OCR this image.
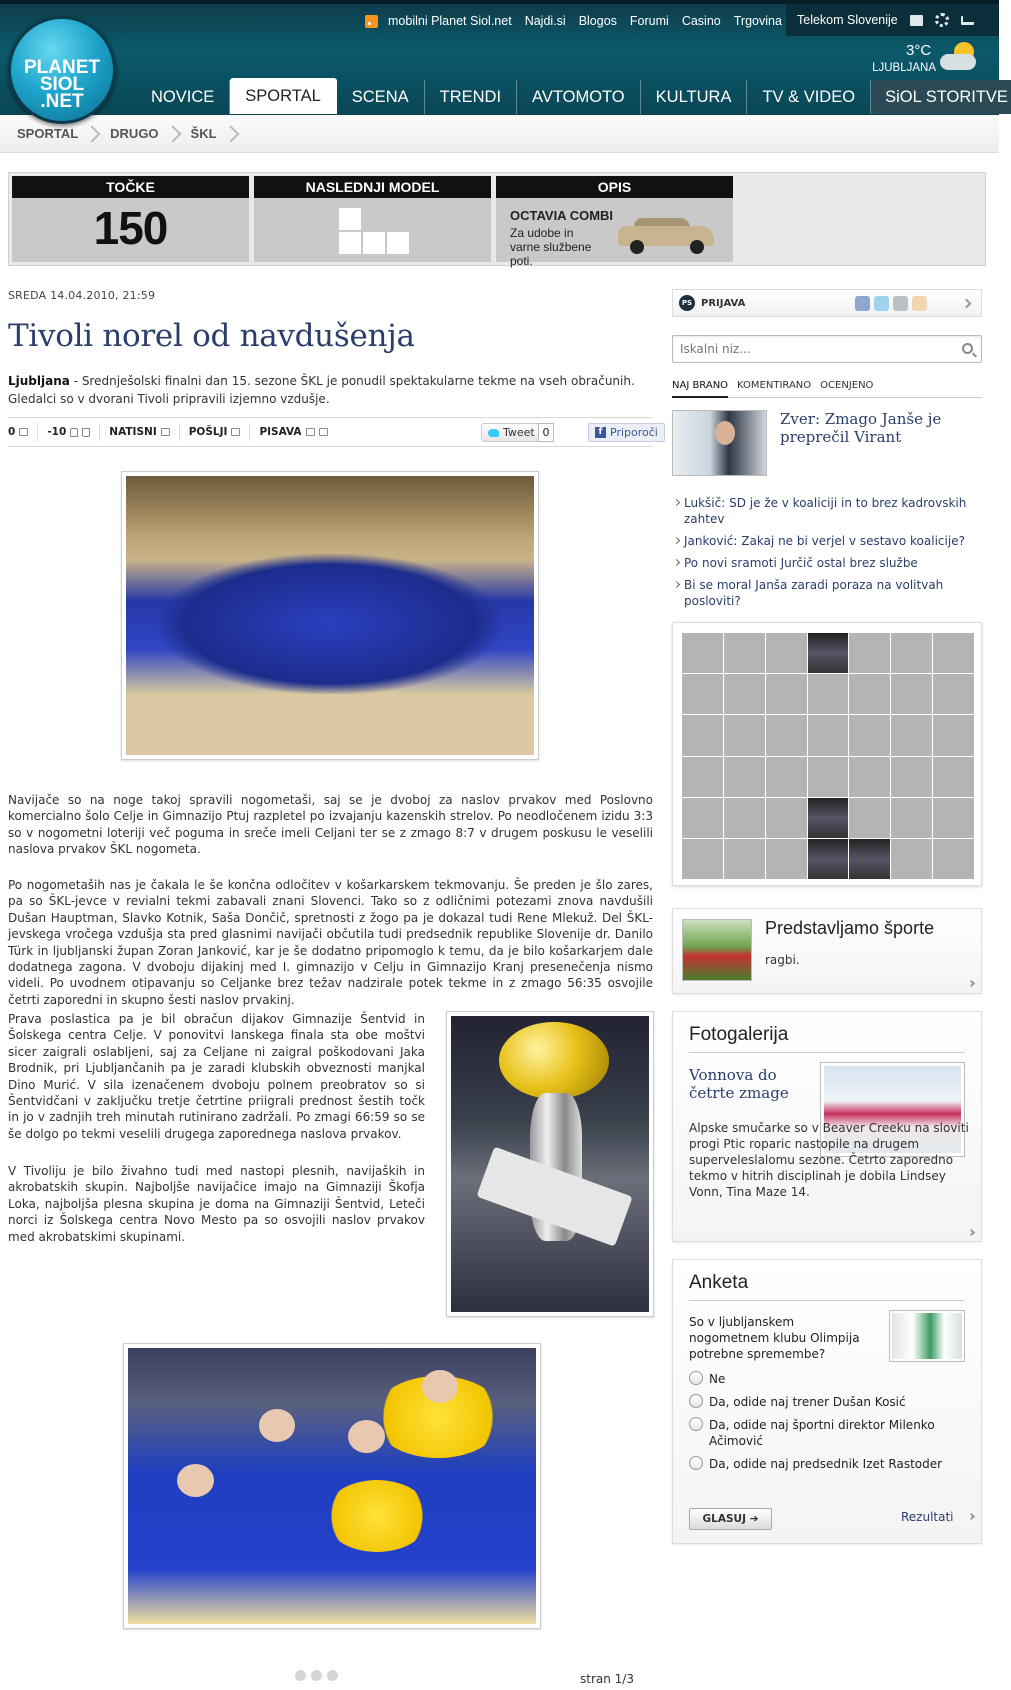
PLANET
SIOL
.NET
mobilni Planet Siol.net Najdi.si Blogos Forumi Casino Trgovina Telekom Slovenije
3°C
LJUBLJANA
NOVICE	SPORTAL	SCENA	TRENDI	AVTOMOTO	KULTURA	TV & VIDEO	SiOL STORITVE
SPORTAL DRUGO ŠKL
TOČKE
150
NASLEDNJI MODEL	OPIS
OCTAVIA COMBI
Za udobe in varne službene poti.
SREDA 14.04.2010, 21:59
Tivoli norel od navdušenja
Ljubljana - Srednješolski finalni dan 15. sezone ŠKL je ponudil spektakularne tekme na vseh obračunih. Gledalci so v dvorani Tivoli pripravili izjemno vzdušje.
0	-10	NATISNI	POŠLJI	PISAVA	Tweet 0	f Priporoči
Navijače so na noge takoj spravili nogometaši, saj se je dvoboj za naslov prvakov med Poslovno komercialno šolo Celje in Gimnazijo Ptuj razpletel po izvajanju kazenskih strelov. Po neodločenem izidu 3:3 so v nogometni loteriji več poguma in sreče imeli Celjani ter se z zmago 8:7 v drugem poskusu le veselili naslova prvakov ŠKL nogometa.
Po nogometaših nas je čakala le še končna odločitev v košarkarskem tekmovanju. Še preden je šlo zares, pa so ŠKL-jevce v revialni tekmi zabavali znani Slovenci. Tako so z odličnimi potezami znova navdušili Dušan Hauptman, Slavko Kotnik, Saša Dončič, spretnosti z žogo pa je dokazal tudi Rene Mlekuž. Del ŠKL-jevskega vročega vzdušja sta pred glasnimi navijači občutila tudi predsednik republike Slovenije dr. Danilo Türk in ljubljanski župan Zoran Janković, kar je še dodatno pripomoglo k temu, da je bilo košarkarjem dale dodatnega zagona. V dvoboju dijakinj med I. gimnazijo v Celju in Gimnazijo Kranj presenečenja nismo videli. Po uvodnem otipavanju so Celjanke brez težav nadzirale potek tekme in z zmago 56:35 osvojile četrti zaporedni in skupno šesti naslov prvakinj.
Prava poslastica pa je bil obračun dijakov Gimnazije Šentvid in Šolskega centra Celje. V ponovitvi lanskega finala sta obe moštvi sicer zaigrali oslabljeni, saj za Celjane ni zaigral poškodovani Jaka Brodnik, pri Ljubljančanih pa je zaradi klubskih obveznosti manjkal Dino Murić. V sila izenačenem dvoboju polnem preobratov so si Šentvidčani v zaključku tretje četrtine priigrali prednost šestih točk in jo v zadnjih treh minutah rutinirano zadržali. Po zmagi 66:59 so se še dolgo po tekmi veselili drugega zaporednega naslova prvakov.
V Tivoliju je bilo živahno tudi med nastopi plesnih, navijaških in akrobatskih skupin. Najboljše navijačice imajo na Gimnaziji Škofja Loka, najboljša plesna skupina je doma na Gimnaziji Šentvid, Leteči norci iz Šolskega centra Novo Mesto pa so osvojili naslov prvakov med akrobatskimi skupinami.
stran 1/3
PS PRIJAVA
Iskalni niz...
NAJ BRANO KOMENTIRANO OCENJENO
Zver: Zmago Janše je preprečil Virant
Lukšič: SD je že v koaliciji in to brez kadrovskih zahtev
Janković: Zakaj ne bi verjel v sestavo koalicije?
Po novi sramoti Jurčič ostal brez službe
Bi se moral Janša zaradi poraza na volitvah posloviti?
Predstavljamo športe
ragbi.
Fotogalerija
Vonnova do četrte zmage
Alpske smučarke so v Beaver Creeku na sloviti progi Ptic roparic nastopile na drugem superveleslalomu sezone. Četrto zaporedno tekmo v hitrih disciplinah je dobila Lindsey Vonn, Tina Maze 14.
Anketa
So v ljubljanskem nogometnem klubu Olimpija potrebne spremembe?
Ne
Da, odide naj trener Dušan Kosić
Da, odide naj športni direktor Milenko Ačimović
Da, odide naj predsednik Izet Rastoder
GLASUJ ➔	Rezultati
